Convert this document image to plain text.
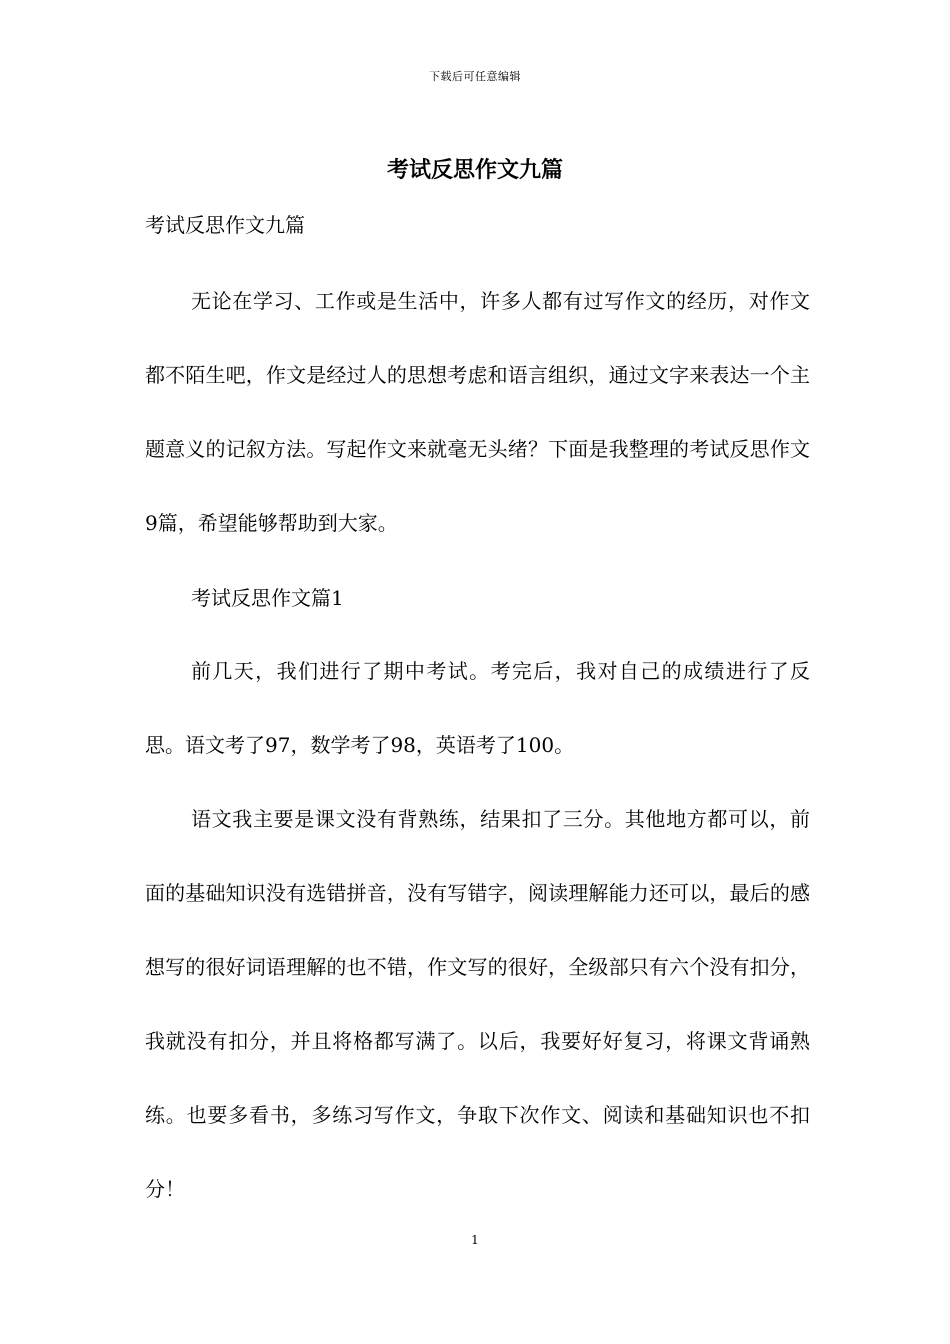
下载后可任意编辑
考试反思作文九篇
考试反思作文九篇

无论在学习、工作或是生活中，许多人都有过写作文的经历，对作文都不陌生吧，作文是经过人的思想考虑和语言组织，通过文字来表达一个主题意义的记叙方法。写起作文来就毫无头绪？下面是我整理的考试反思作文9篇，希望能够帮助到大家。

考试反思作文篇1

前几天，我们进行了期中考试。考完后，我对自己的成绩进行了反思。语文考了97，数学考了98，英语考了100。

语文我主要是课文没有背熟练，结果扣了三分。其他地方都可以，前面的基础知识没有选错拼音，没有写错字，阅读理解能力还可以，最后的感想写的很好词语理解的也不错，作文写的很好，全级部只有六个没有扣分，我就没有扣分，并且将格都写满了。以后，我要好好复习，将课文背诵熟练。也要多看书，多练习写作文，争取下次作文、阅读和基础知识也不扣分！

1
